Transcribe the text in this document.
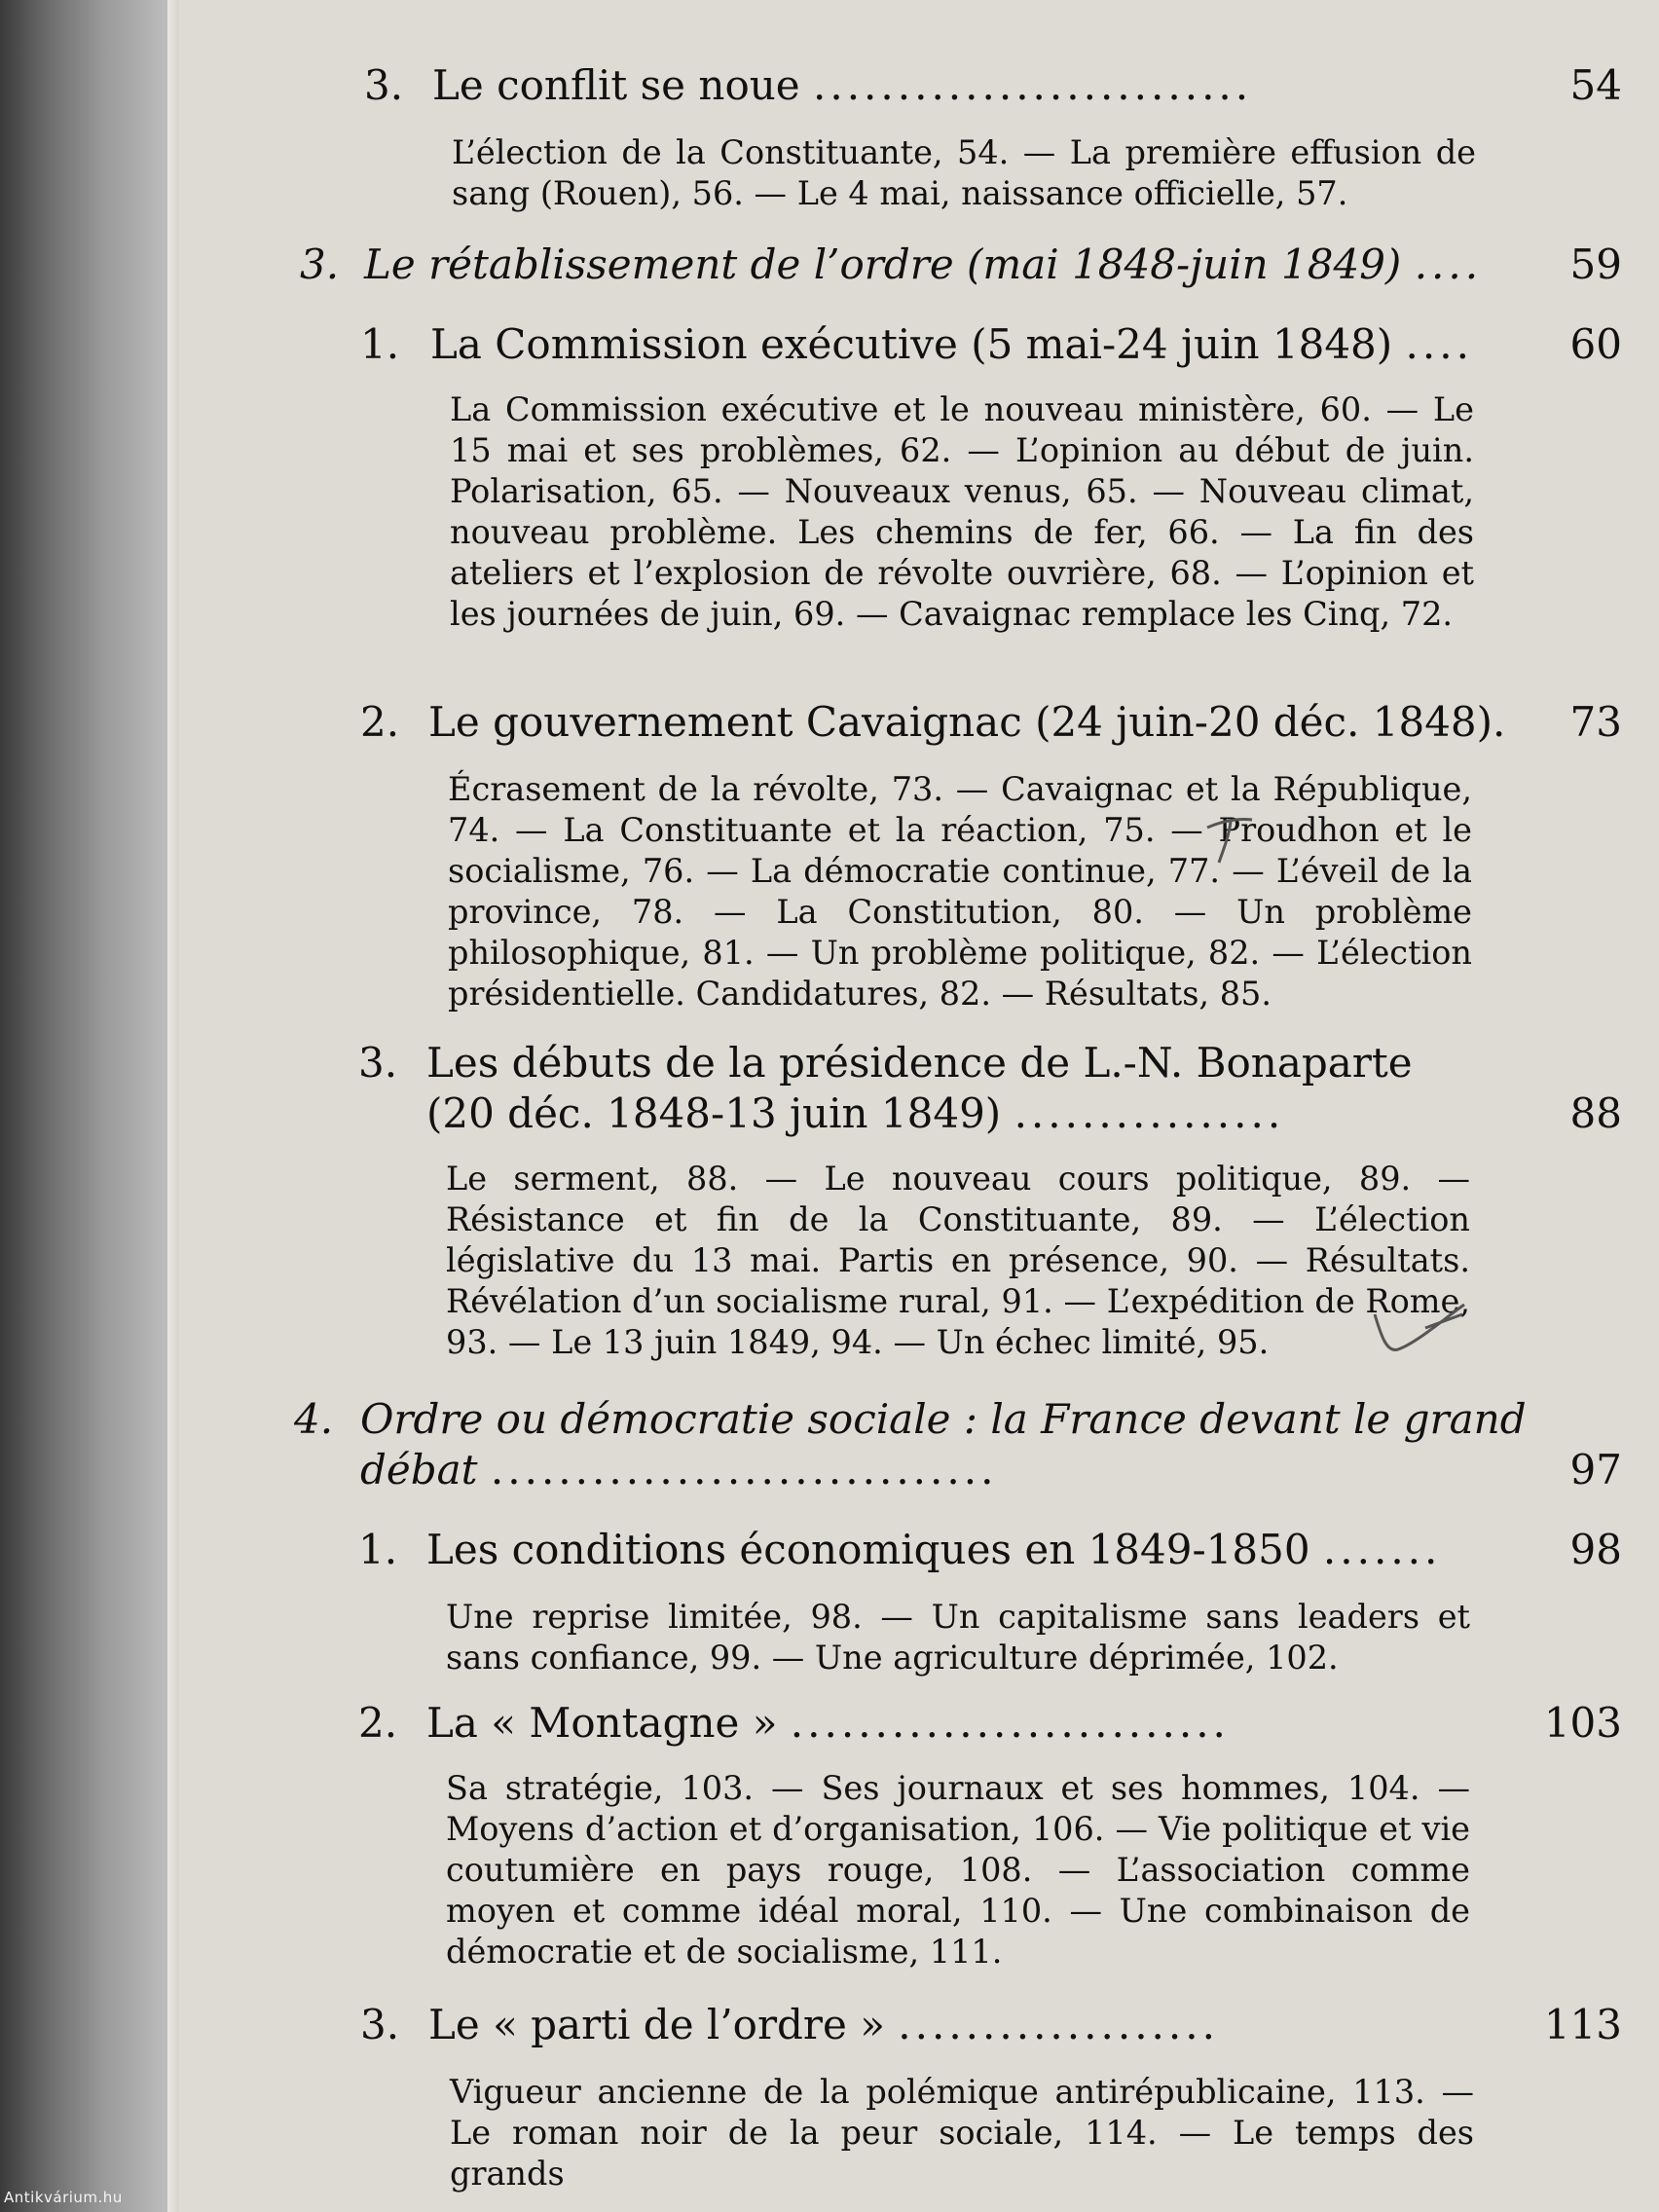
3. Le conflit se noue ..........................	54
L’élection de la Constituante, 54. — La première effusion de sang (Rouen), 56. — Le 4 mai, naissance officielle, 57.
3. Le rétablissement de l’ordre (mai 1848-juin 1849) .... 59
1. La Commission exécutive (5 mai-24 juin 1848) .... 60
La Commission exécutive et le nouveau ministère, 60. — Le 15 mai et ses problèmes, 62. — L’opinion au début de juin. Polarisation, 65. — Nouveaux venus, 65. — Nouveau climat, nouveau problème. Les chemins de fer, 66. — La fin des ateliers et l’explosion de révolte ouvrière, 68. — L’opinion et les journées de juin, 69. — Cavaignac remplace les Cinq, 72.
2. Le gouvernement Cavaignac (24 juin-20 déc. 1848). 73
Écrasement de la révolte, 73. — Cavaignac et la République, 74. — La Constituante et la réaction, 75. — Proudhon et le socialisme, 76. — La démocratie continue, 77. — L’éveil de la province, 78. — La Constitution, 80. — Un problème philosophique, 81. — Un problème politique, 82. — L’élection présidentielle. Candidatures, 82. — Résultats, 85.
3. Les débuts de la présidence de L.-N. Bonaparte
(20 déc. 1848-13 juin 1849) ................	88
Le serment, 88. — Le nouveau cours politique, 89. — Résistance et fin de la Constituante, 89. — L’élection législative du 13 mai. Partis en présence, 90. — Résultats. Révélation d’un socialisme rural, 91. — L’expédition de Rome, 93. — Le 13 juin 1849, 94. — Un échec limité, 95.
4. Ordre ou démocratie sociale : la France devant le grand
débat ..............................	97
1. Les conditions économiques en 1849-1850 .......	98
Une reprise limitée, 98. — Un capitalisme sans leaders et sans confiance, 99. — Une agriculture déprimée, 102.
2. La « Montagne » ..........................	103
Sa stratégie, 103. — Ses journaux et ses hommes, 104. — Moyens d’action et d’organisation, 106. — Vie politique et vie coutumière en pays rouge, 108. — L’association comme moyen et comme idéal moral, 110. — Une combinaison de démocratie et de socialisme, 111.
3. Le « parti de l’ordre » ...................	113
Vigueur ancienne de la polémique antirépublicaine, 113. — Le roman noir de la peur sociale, 114. — Le temps des grands
Antikvárium.hu
